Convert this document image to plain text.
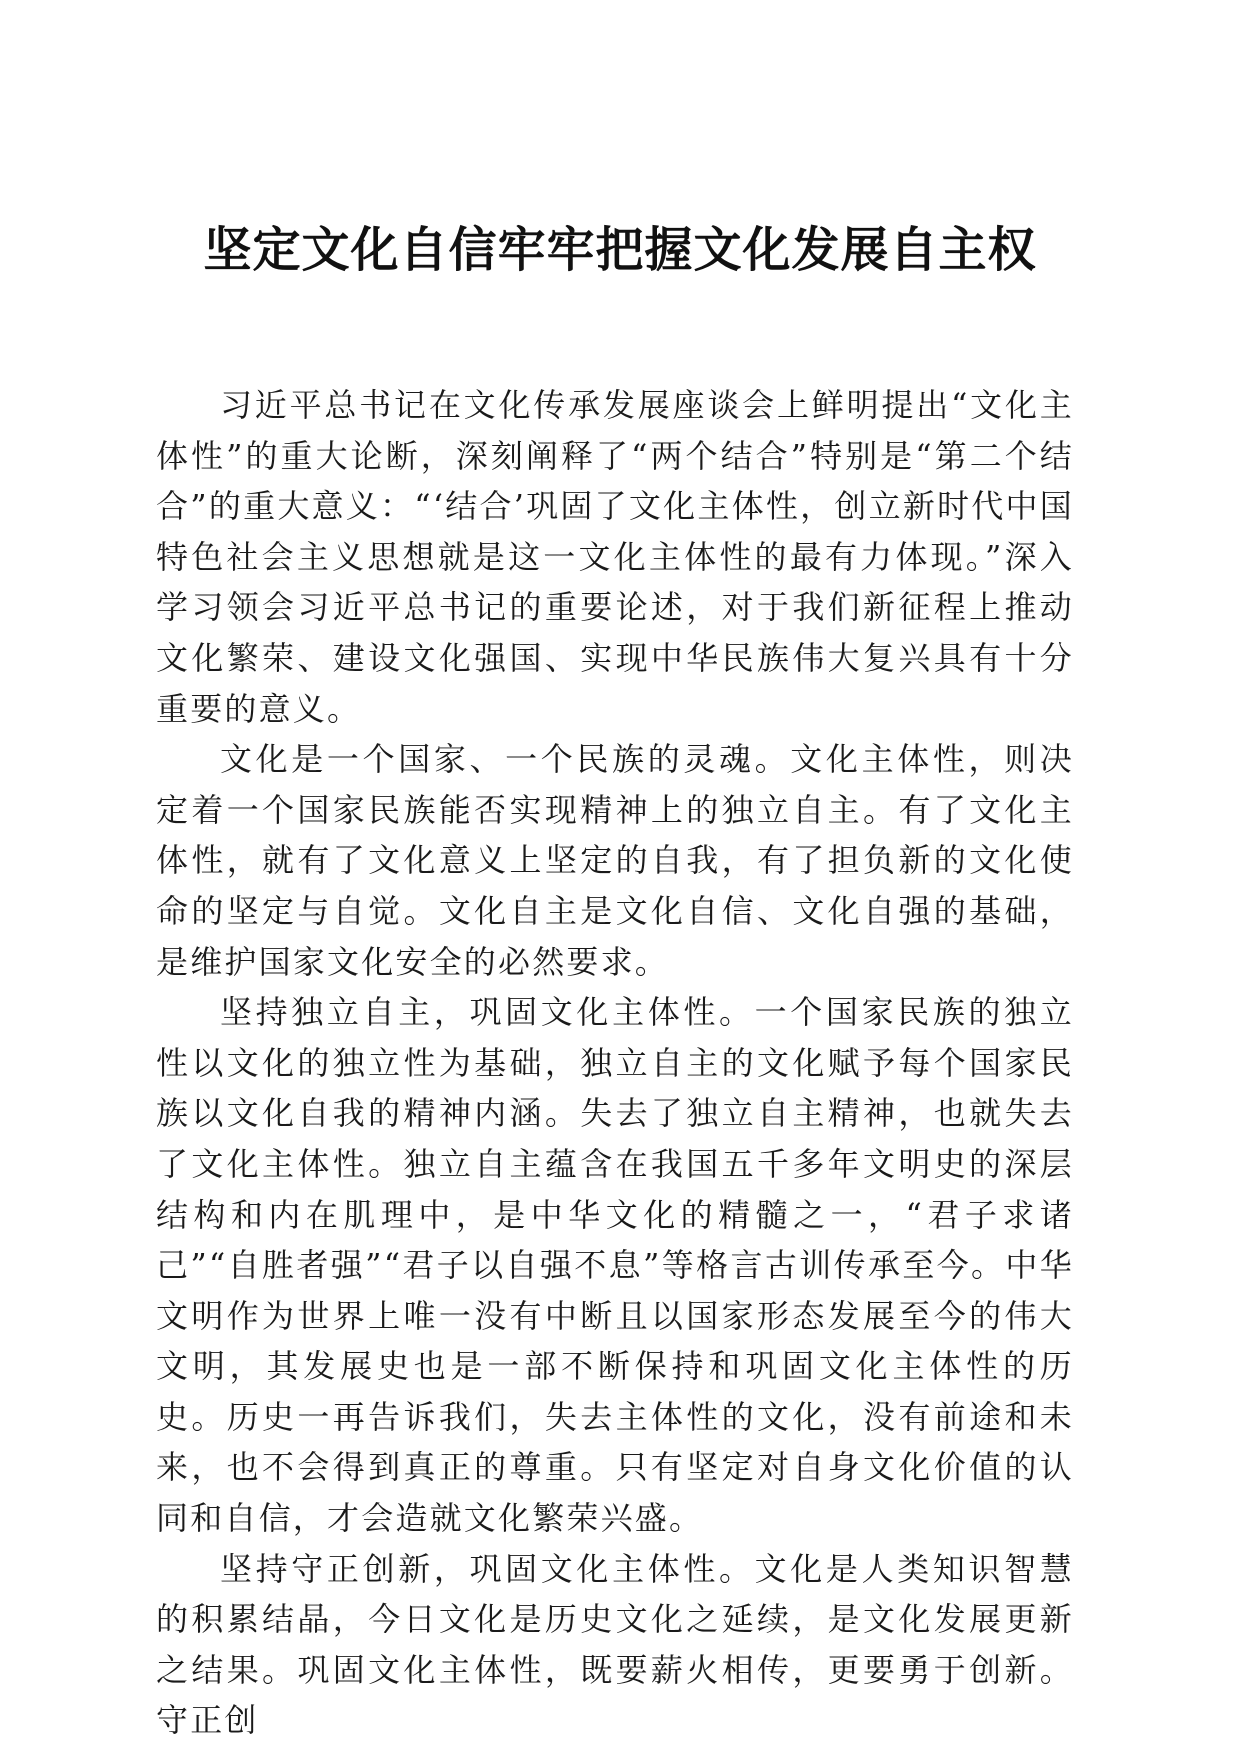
坚定文化自信牢牢把握文化发展自主权

习近平总书记在文化传承发展座谈会上鲜明提出“文化主体性”的重大论断，深刻阐释了“两个结合”特别是“第二个结合”的重大意义：“‘结合’巩固了文化主体性，创立新时代中国特色社会主义思想就是这一文化主体性的最有力体现。”深入学习领会习近平总书记的重要论述，对于我们新征程上推动文化繁荣、建设文化强国、实现中华民族伟大复兴具有十分重要的意义。

文化是一个国家、一个民族的灵魂。文化主体性，则决定着一个国家民族能否实现精神上的独立自主。有了文化主体性，就有了文化意义上坚定的自我，有了担负新的文化使命的坚定与自觉。文化自主是文化自信、文化自强的基础，是维护国家文化安全的必然要求。

坚持独立自主，巩固文化主体性。一个国家民族的独立性以文化的独立性为基础，独立自主的文化赋予每个国家民族以文化自我的精神内涵。失去了独立自主精神，也就失去了文化主体性。独立自主蕴含在我国五千多年文明史的深层结构和内在肌理中，是中华文化的精髓之一，“君子求诸己”“自胜者强”“君子以自强不息”等格言古训传承至今。中华文明作为世界上唯一没有中断且以国家形态发展至今的伟大文明，其发展史也是一部不断保持和巩固文化主体性的历史。历史一再告诉我们，失去主体性的文化，没有前途和未来，也不会得到真正的尊重。只有坚定对自身文化价值的认同和自信，才会造就文化繁荣兴盛。

坚持守正创新，巩固文化主体性。文化是人类知识智慧的积累结晶，今日文化是历史文化之延续，是文化发展更新之结果。巩固文化主体性，既要薪火相传，更要勇于创新。守正创
